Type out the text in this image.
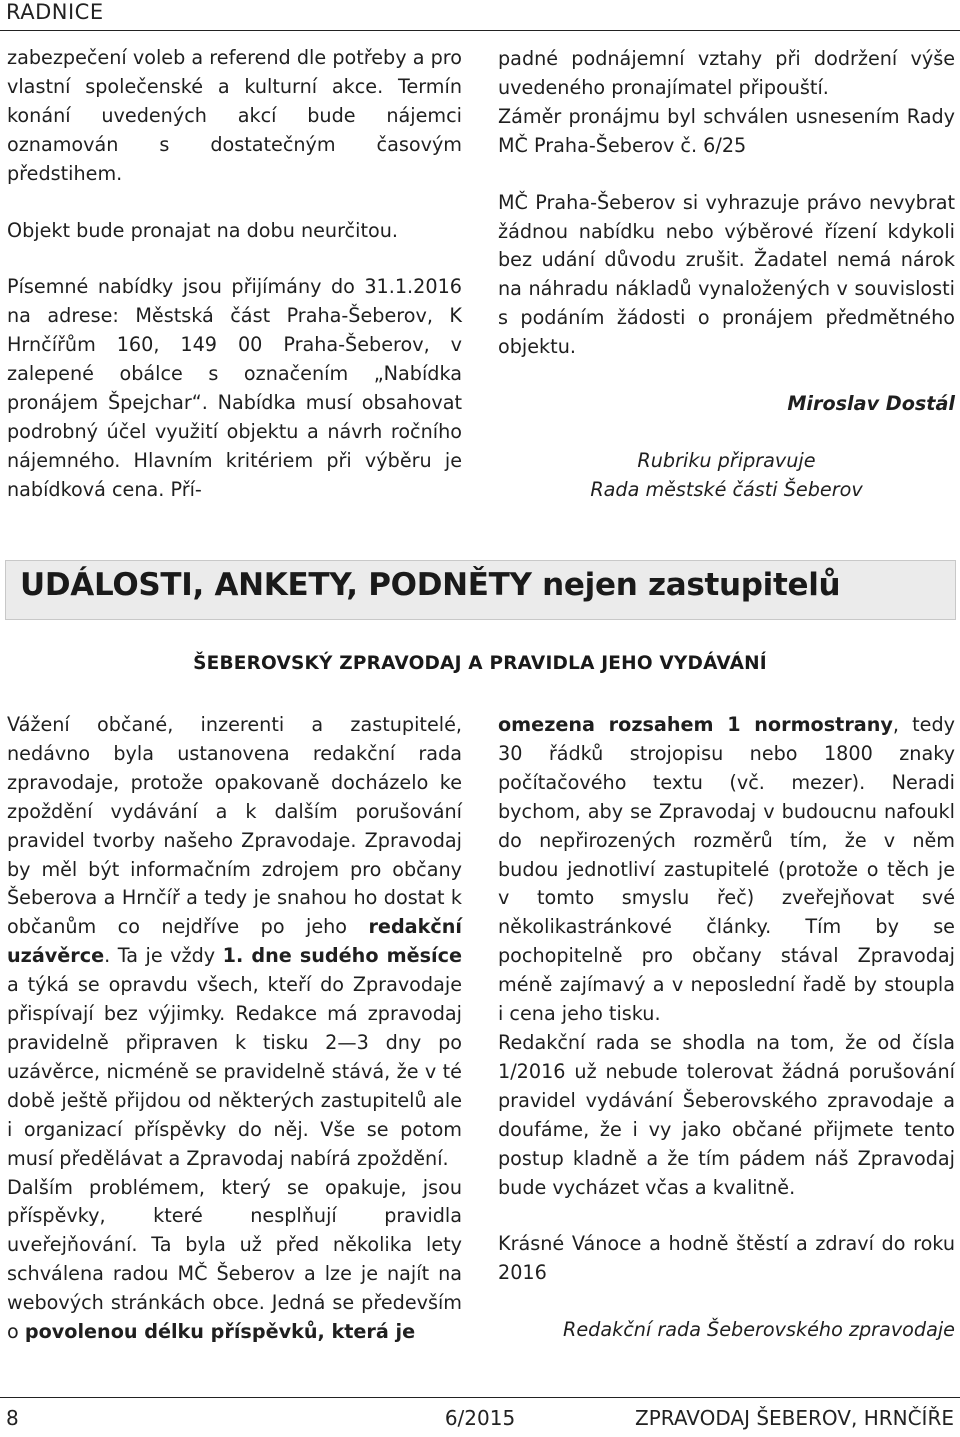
RADNICE

zabezpečení voleb a referend dle potřeby a pro vlastní společenské a kulturní akce. Termín konání uvedených akcí bude nájemci oznamován s dostatečným časovým předstihem.

Objekt bude pronajat na dobu neurčitou.

Písemné nabídky jsou přijímány do 31.1.2016 na adrese: Městská část Praha-Šeberov, K Hrnčířům 160, 149 00 Praha-Šeberov, v zalepené obálce s označením „Nabídka pronájem Špejchar“. Nabídka musí obsahovat podrobný účel využití objektu a návrh ročního nájemného. Hlavním kritériem při výběru je nabídková cena. Pří-

padné podnájemní vztahy při dodržení výše uvedeného pronajímatel připouští.

Záměr pronájmu byl schválen usnesením Rady MČ Praha-Šeberov č. 6/25

MČ Praha-Šeberov si vyhrazuje právo nevybrat žádnou nabídku nebo výběrové řízení kdykoli bez udání důvodu zrušit. Žadatel nemá nárok na náhradu nákladů vynaložených v souvislosti s podáním žádosti o pronájem předmětného objektu.

Miroslav Dostál
Rubriku připravuje
Rada městské části Šeberov
UDÁLOSTI, ANKETY, PODNĚTY nejen zastupitelů
ŠEBEROVSKÝ ZPRAVODAJ A PRAVIDLA JEHO VYDÁVÁNÍ

Vážení občané, inzerenti a zastupitelé, nedávno byla ustanovena redakční rada zpravodaje, protože opakovaně docházelo ke zpoždění vydávání a k dalším porušování pravidel tvorby našeho Zpravodaje. Zpravodaj by měl být informačním zdrojem pro občany Šeberova a Hrnčíř a tedy je snahou ho dostat k občanům co nejdříve po jeho redakční uzávěrce. Ta je vždy 1. dne sudého měsíce a týká se opravdu všech, kteří do Zpravodaje přispívají bez výjimky. Redakce má zpravodaj pravidelně připraven k tisku 2—3 dny po uzávěrce, nicméně se pravidelně stává, že v té době ještě přijdou od některých zastupitelů ale i organizací příspěvky do něj. Vše se potom musí předělávat a Zpravodaj nabírá zpoždění.

Dalším problémem, který se opakuje, jsou příspěvky, které nesplňují pravidla uveřejňování. Ta byla už před několika lety schválena radou MČ Šeberov a lze je najít na webových stránkách obce. Jedná se především o povolenou délku příspěvků, která je

omezena rozsahem 1 normostrany, tedy 30 řádků strojopisu nebo 1800 znaky počítačového textu (vč. mezer). Neradi bychom, aby se Zpravodaj v budoucnu nafoukl do nepřirozených rozměrů tím, že v něm budou jednotliví zastupitelé (protože o těch je v tomto smyslu řeč) zveřejňovat své několikastránkové články. Tím by se pochopitelně pro občany stával Zpravodaj méně zajímavý a v neposlední řadě by stoupla i cena jeho tisku.

Redakční rada se shodla na tom, že od čísla 1/2016 už nebude tolerovat žádná porušování pravidel vydávání Šeberovského zpravodaje a doufáme, že i vy jako občané přijmete tento postup kladně a že tím pádem náš Zpravodaj bude vycházet včas a kvalitně.

Krásné Vánoce a hodně štěstí a zdraví do roku 2016

Redakční rada Šeberovského zpravodaje
8	6/2015	ZPRAVODAJ ŠEBEROV, HRNČÍŘE
